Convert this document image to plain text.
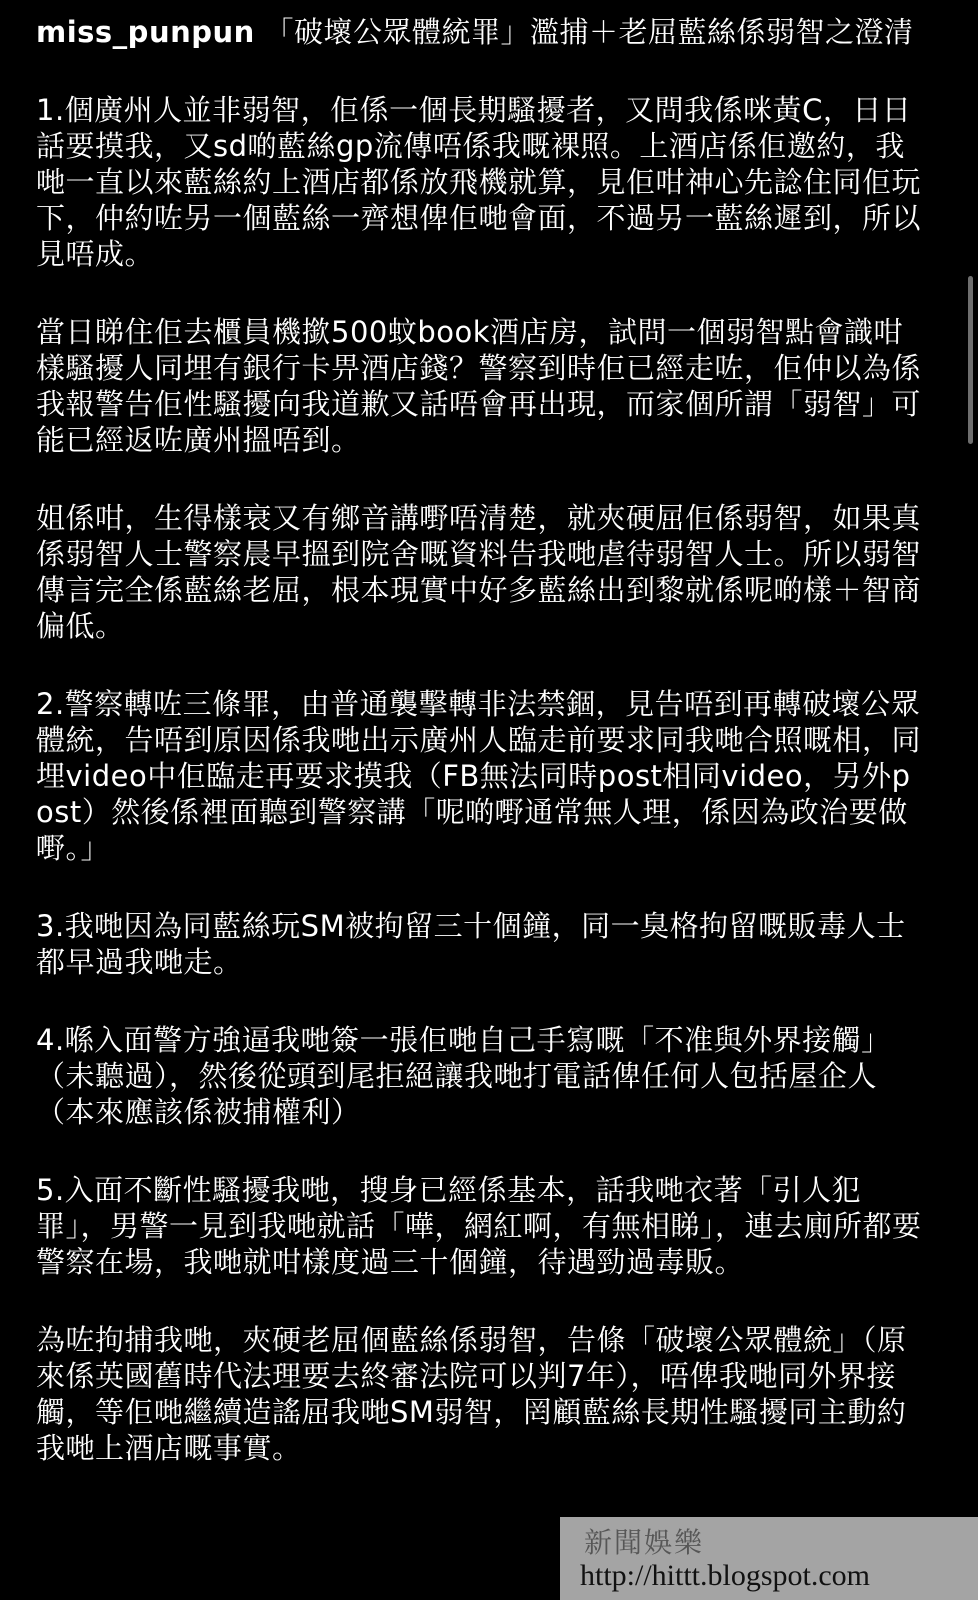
miss_punpun 「破壞公眾體統罪」濫捕＋老屈藍絲係弱智之澄清
1.個廣州人並非弱智，佢係一個長期騷擾者，又問我係咪黃C，日日話要摸我，又sd啲藍絲gp流傳唔係我嘅裸照。上酒店係佢邀約，我哋一直以來藍絲約上酒店都係放飛機就算，見佢咁神心先諗住同佢玩下，仲約咗另一個藍絲一齊想俾佢哋會面，不過另一藍絲遲到，所以見唔成。
當日睇住佢去櫃員機撳500蚊book酒店房，試問一個弱智點會識咁樣騷擾人同埋有銀行卡畀酒店錢？警察到時佢已經走咗，佢仲以為係我報警告佢性騷擾向我道歉又話唔會再出現，而家個所謂「弱智」可能已經返咗廣州搵唔到。
姐係咁，生得樣衰又有鄉音講嘢唔清楚，就夾硬屈佢係弱智，如果真係弱智人士警察晨早搵到院舍嘅資料告我哋虐待弱智人士。所以弱智傳言完全係藍絲老屈，根本現實中好多藍絲出到黎就係呢啲樣＋智商偏低。
2.警察轉咗三條罪，由普通襲擊轉非法禁錮，見告唔到再轉破壞公眾體統，告唔到原因係我哋出示廣州人臨走前要求同我哋合照嘅相，同埋video中佢臨走再要求摸我（FB無法同時post相同video，另外post）然後係裡面聽到警察講「呢啲嘢通常無人理，係因為政治要做嘢。」
3.我哋因為同藍絲玩SM被拘留三十個鐘，同一臭格拘留嘅販毒人士都早過我哋走。
4.喺入面警方強逼我哋簽一張佢哋自己手寫嘅「不准與外界接觸」（未聽過），然後從頭到尾拒絕讓我哋打電話俾任何人包括屋企人（本來應該係被捕權利）
5.入面不斷性騷擾我哋，搜身已經係基本，話我哋衣著「引人犯罪」，男警一見到我哋就話「嘩，網紅啊，有無相睇」，連去廁所都要警察在場，我哋就咁樣度過三十個鐘，待遇勁過毒販。
為咗拘捕我哋，夾硬老屈個藍絲係弱智，告條「破壞公眾體統」（原來係英國舊時代法理要去終審法院可以判7年），唔俾我哋同外界接觸，等佢哋繼續造謠屈我哋SM弱智，罔顧藍絲長期性騷擾同主動約我哋上酒店嘅事實。
新聞娛樂
http://hittt.blogspot.com
